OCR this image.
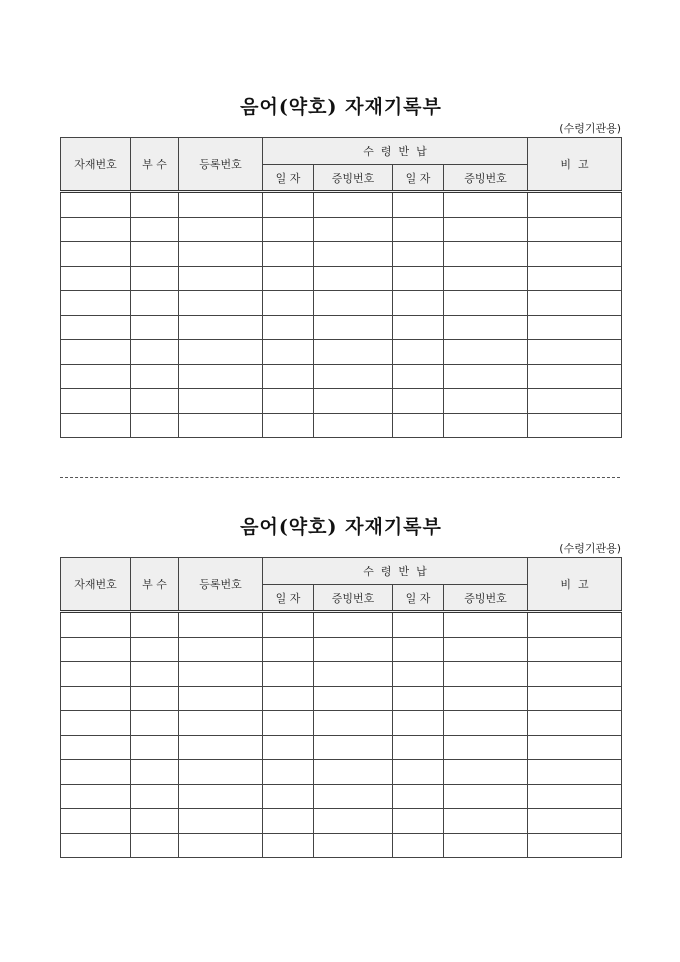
음어(약호) 자재기록부
(수령기관용)
자재번호	부 수	등록번호	수  령  반  납				비  고
			일 자	증빙번호	일 자	증빙번호	

음어(약호) 자재기록부
(수령기관용)
자재번호	부 수	등록번호	수  령  반  납				비  고
			일 자	증빙번호	일 자	증빙번호	
